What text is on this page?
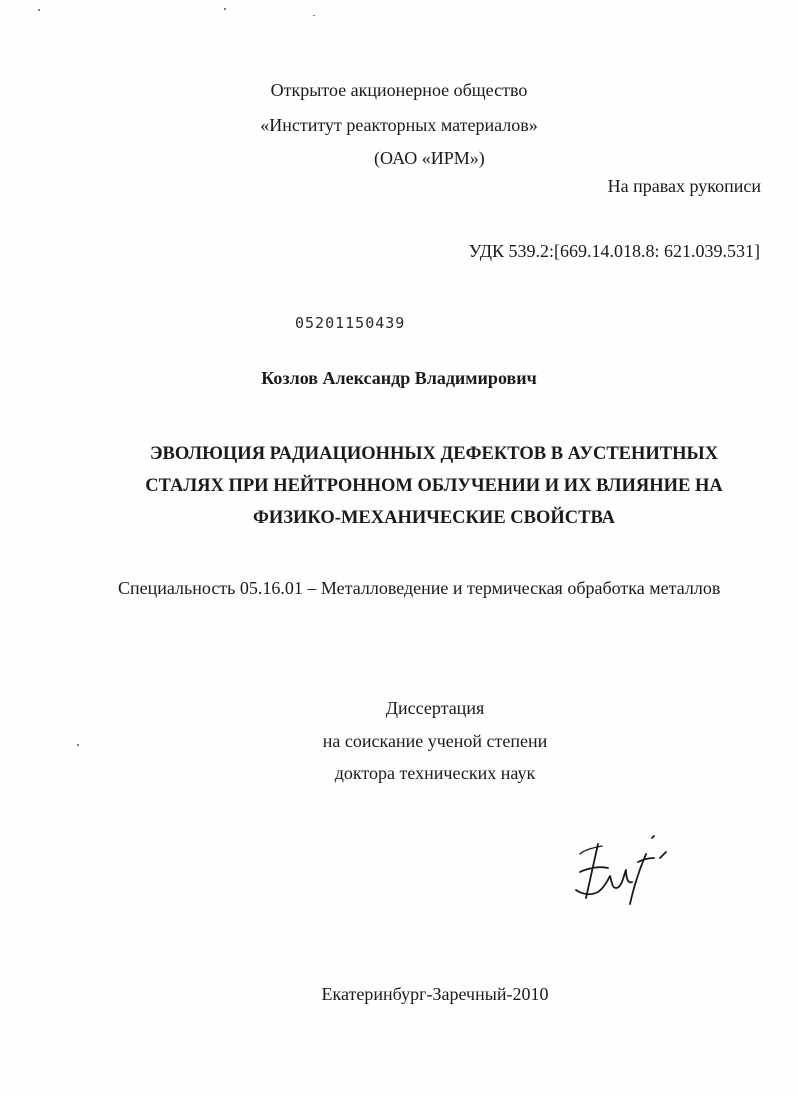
Открытое акционерное общество
«Институт реакторных материалов»
(ОАО «ИРМ»)
На правах рукописи
УДК 539.2:[669.14.018.8: 621.039.531]
05201150439
Козлов Александр Владимирович
ЭВОЛЮЦИЯ РАДИАЦИОННЫХ ДЕФЕКТОВ В АУСТЕНИТНЫХ
СТАЛЯХ ПРИ НЕЙТРОННОМ ОБЛУЧЕНИИ И ИХ ВЛИЯНИЕ НА
ФИЗИКО-МЕХАНИЧЕСКИЕ СВОЙСТВА
Специальность 05.16.01 – Металловедение и термическая обработка металлов
Диссертация
на соискание ученой степени
доктора технических наук
Екатеринбург-Заречный-2010
